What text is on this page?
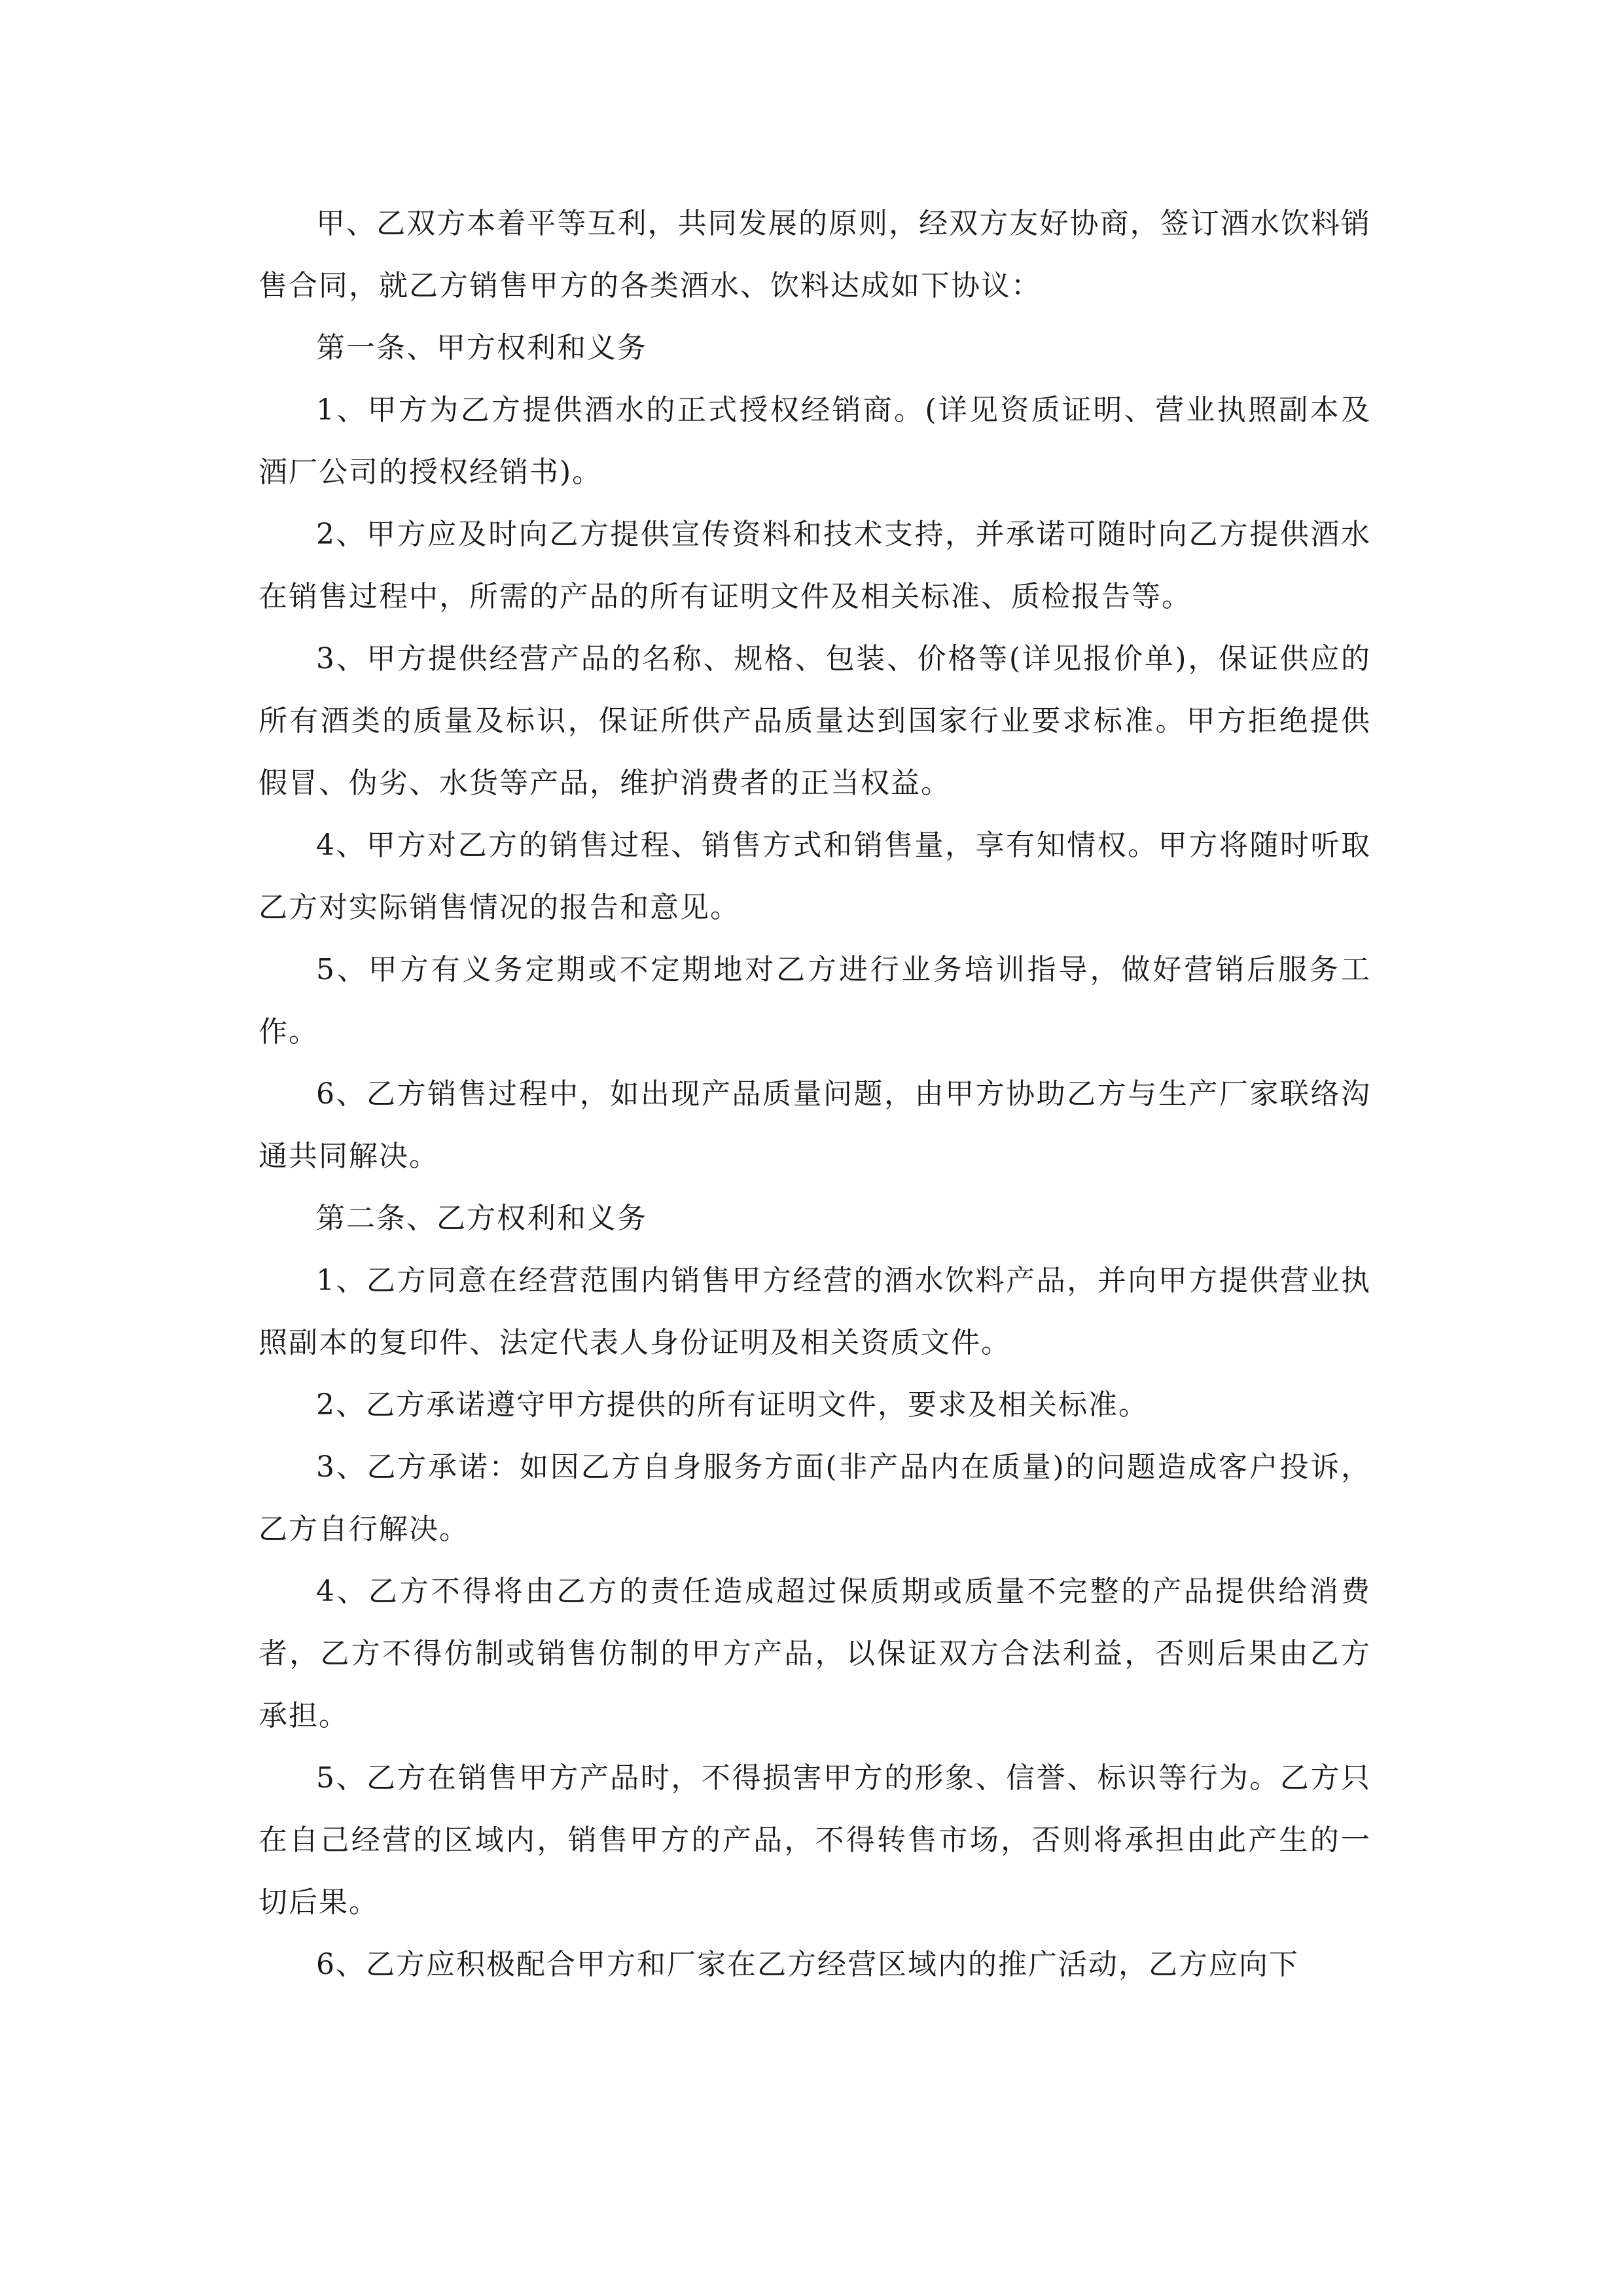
甲、乙双方本着平等互利，共同发展的原则，经双方友好协商，签订酒水饮料销售合同，就乙方销售甲方的各类酒水、饮料达成如下协议：

第一条、甲方权利和义务

1、甲方为乙方提供酒水的正式授权经销商。(详见资质证明、营业执照副本及酒厂公司的授权经销书)。

2、甲方应及时向乙方提供宣传资料和技术支持，并承诺可随时向乙方提供酒水在销售过程中，所需的产品的所有证明文件及相关标准、质检报告等。

3、甲方提供经营产品的名称、规格、包装、价格等(详见报价单)，保证供应的所有酒类的质量及标识，保证所供产品质量达到国家行业要求标准。甲方拒绝提供假冒、伪劣、水货等产品，维护消费者的正当权益。

4、甲方对乙方的销售过程、销售方式和销售量，享有知情权。甲方将随时听取乙方对实际销售情况的报告和意见。

5、甲方有义务定期或不定期地对乙方进行业务培训指导，做好营销后服务工作。

6、乙方销售过程中，如出现产品质量问题，由甲方协助乙方与生产厂家联络沟通共同解决。

第二条、乙方权利和义务

1、乙方同意在经营范围内销售甲方经营的酒水饮料产品，并向甲方提供营业执照副本的复印件、法定代表人身份证明及相关资质文件。

2、乙方承诺遵守甲方提供的所有证明文件，要求及相关标准。

3、乙方承诺：如因乙方自身服务方面(非产品内在质量)的问题造成客户投诉，乙方自行解决。

4、乙方不得将由乙方的责任造成超过保质期或质量不完整的产品提供给消费者，乙方不得仿制或销售仿制的甲方产品，以保证双方合法利益，否则后果由乙方承担。

5、乙方在销售甲方产品时，不得损害甲方的形象、信誉、标识等行为。乙方只在自己经营的区域内，销售甲方的产品，不得转售市场，否则将承担由此产生的一切后果。

6、乙方应积极配合甲方和厂家在乙方经营区域内的推广活动，乙方应向下
